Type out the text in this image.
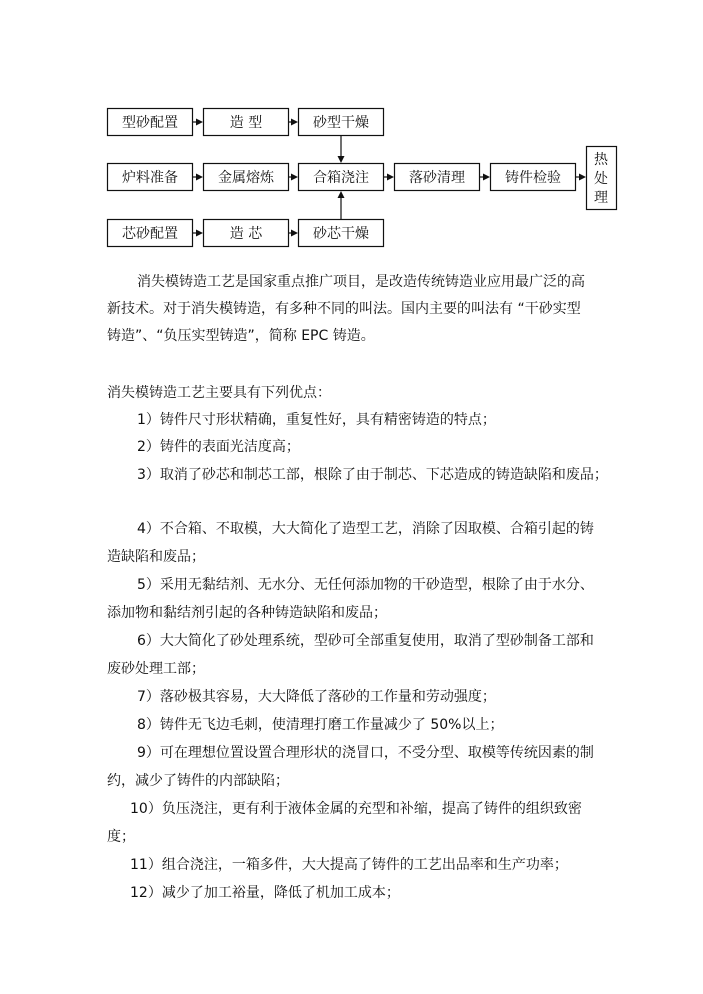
型砂配置	造 型	砂型干燥
炉料准备	金属熔炼	合箱浇注	落砂清理	铸件检验
热
处
理
芯砂配置	造 芯	砂芯干燥
消失模铸造工艺是国家重点推广项目，是改造传统铸造业应用最广泛的高
新技术。对于消失模铸造，有多种不同的叫法。国内主要的叫法有 “干砂实型
铸造”、“负压实型铸造”，简称 EPC 铸造。
消失模铸造工艺主要具有下列优点：
1）铸件尺寸形状精确，重复性好，具有精密铸造的特点；
2）铸件的表面光洁度高；
3）取消了砂芯和制芯工部，根除了由于制芯、下芯造成的铸造缺陷和废品；
4）不合箱、不取模，大大简化了造型工艺，消除了因取模、合箱引起的铸
造缺陷和废品；
5）采用无黏结剂、无水分、无任何添加物的干砂造型，根除了由于水分、
添加物和黏结剂引起的各种铸造缺陷和废品；
6）大大简化了砂处理系统，型砂可全部重复使用，取消了型砂制备工部和
废砂处理工部；
7）落砂极其容易，大大降低了落砂的工作量和劳动强度；
8）铸件无飞边毛刺，使清理打磨工作量减少了 50%以上；
9）可在理想位置设置合理形状的浇冒口，不受分型、取模等传统因素的制
约，减少了铸件的内部缺陷；
10）负压浇注，更有利于液体金属的充型和补缩，提高了铸件的组织致密
度；
11）组合浇注，一箱多件，大大提高了铸件的工艺出品率和生产功率；
12）减少了加工裕量，降低了机加工成本；
